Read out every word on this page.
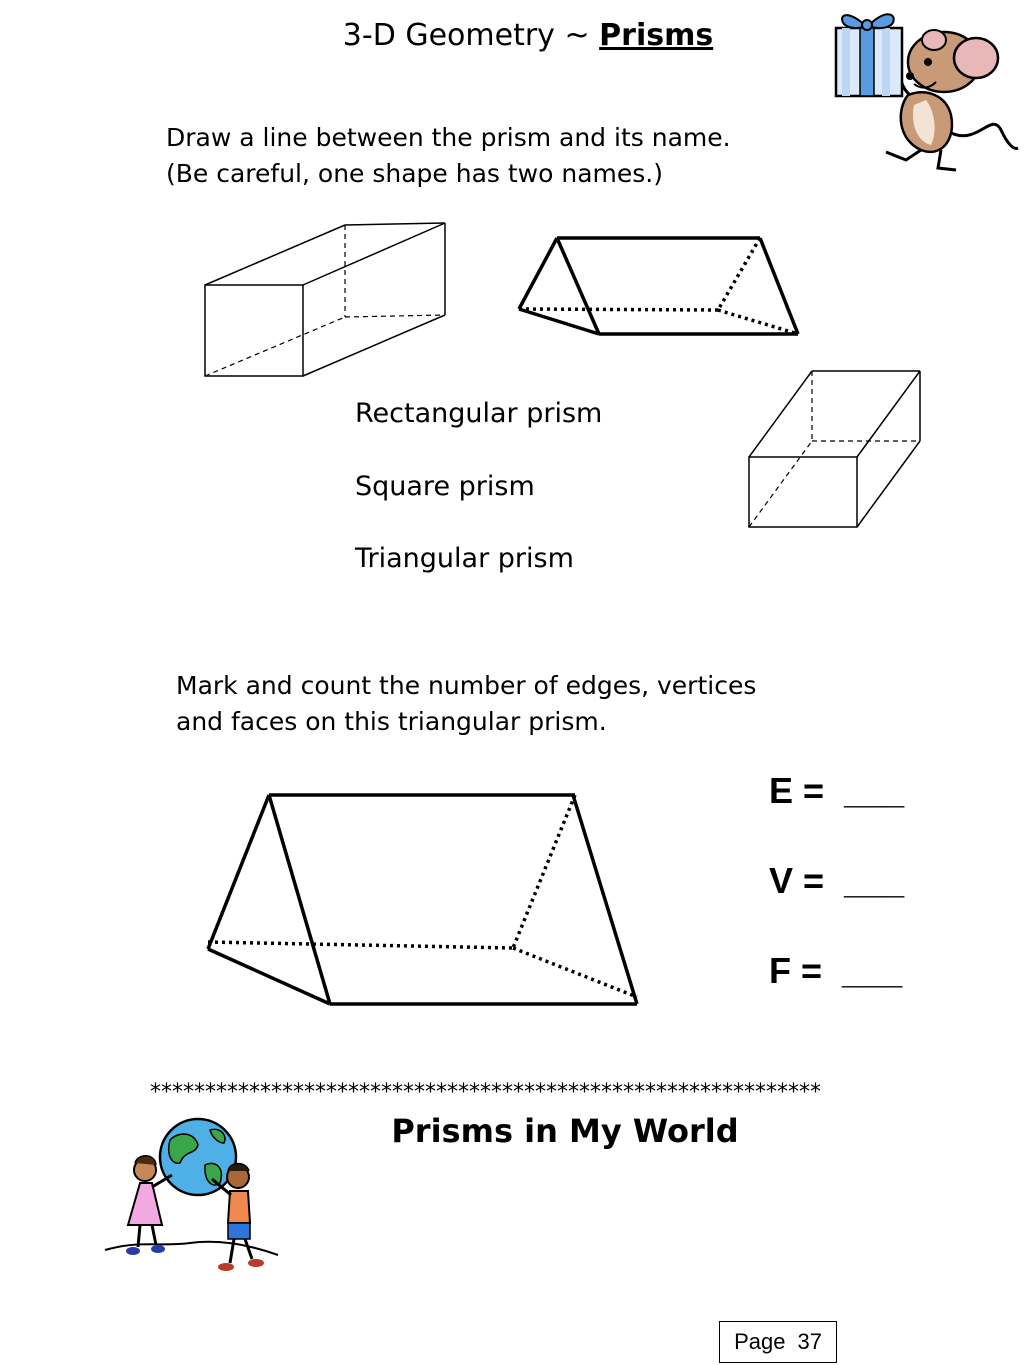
3-D Geometry ~ Prisms
Draw a line between the prism and its name.
(Be careful, one shape has two names.)
Rectangular prism
Square prism
Triangular prism
Mark and count the number of edges, vertices
and faces on this triangular prism.
E = ___
V = ___
F = ___
*************************************************************
Prisms in My World
Page 37
